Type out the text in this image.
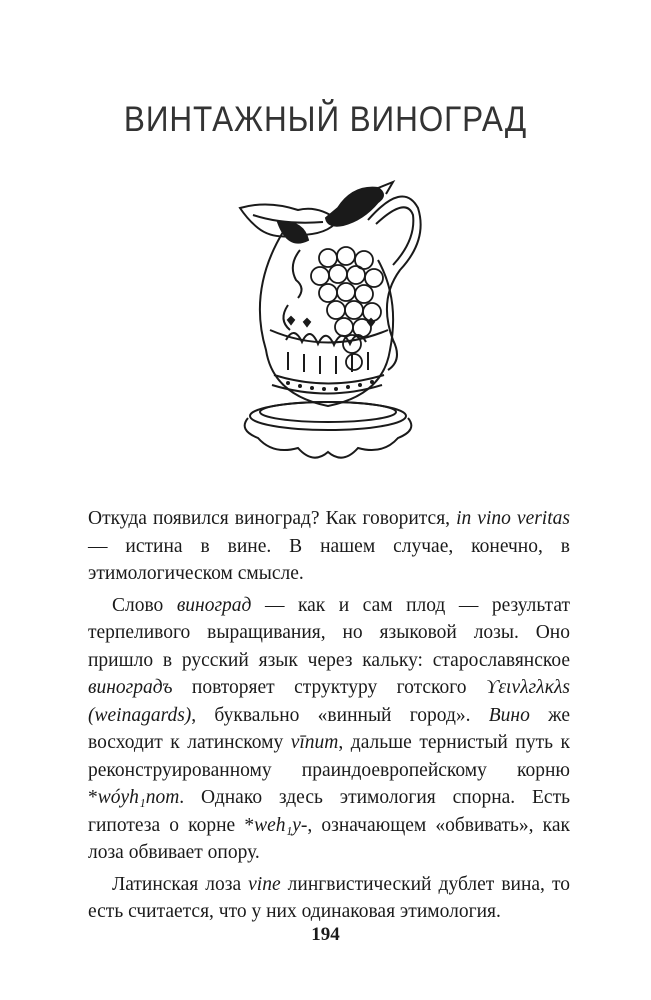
ВИНТАЖНЫЙ ВИНОГРАД

Откуда появился виноград? Как говорится, in vino veritas — истина в вине. В нашем случае, конечно, в этимологическом смысле.

Слово виноград — как и сам плод — результат терпеливого выращивания, но языковой лозы. Оно пришло в русский язык через кальку: старославянское виноградъ повторяет структуру готского ϒεινλгλκλs (weinagards), буквально «винный город». Вино же восходит к латинскому vīnum, дальше тернистый путь к реконструированному праиндоевропейскому корню *wóyh₁nom. Однако здесь этимология спорна. Есть гипотеза о корне *weh₁y-, означающем «обвивать», как лоза обвивает опору.

Латинская лоза vine лингвистический дублет вина, то есть считается, что у них одинаковая этимология.

194
